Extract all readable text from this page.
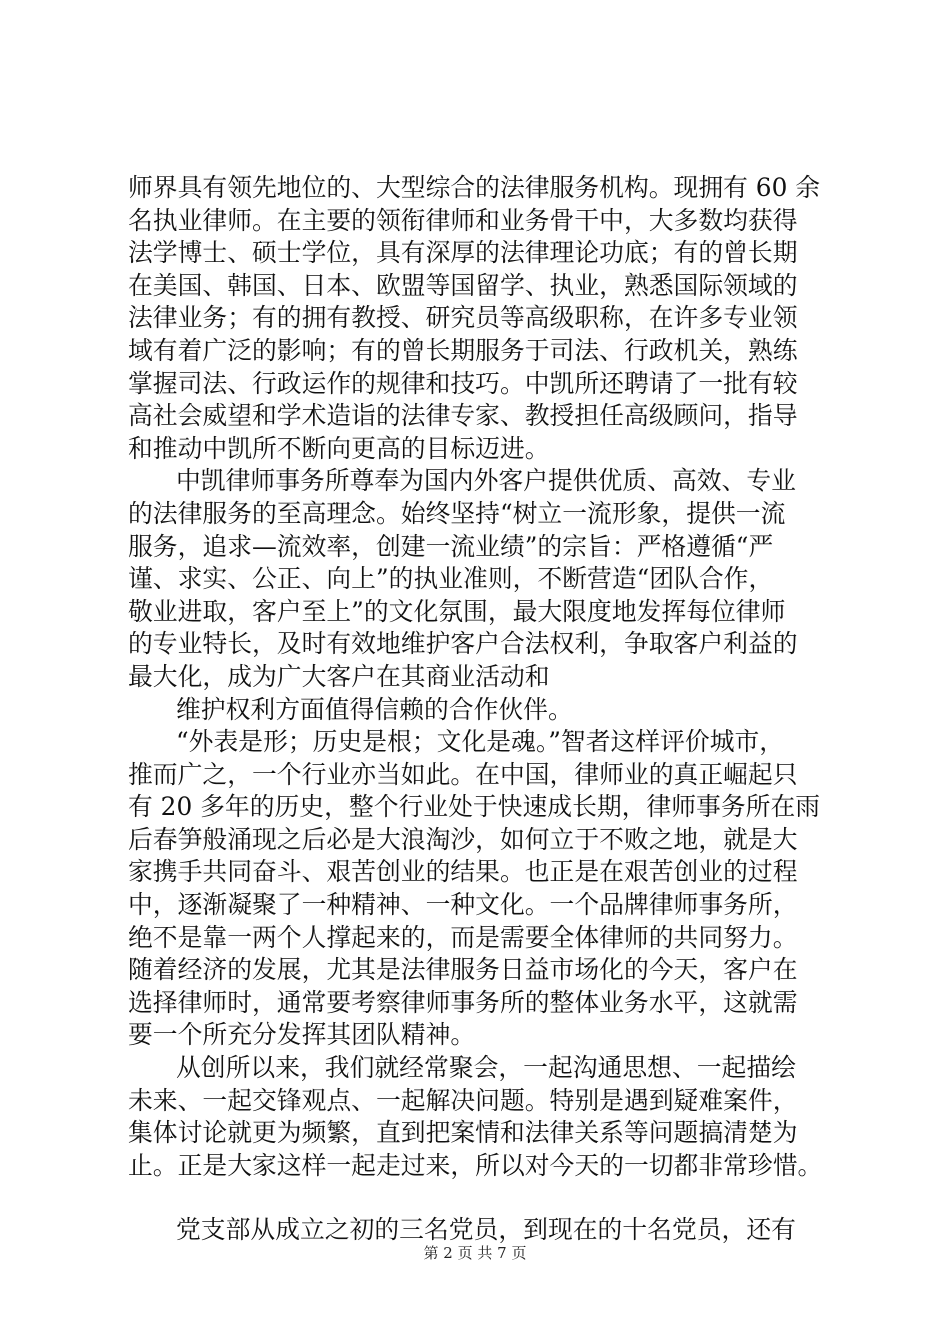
师界具有领先地位的、大型综合的法律服务机构。现拥有 60 余
名执业律师。在主要的领衔律师和业务骨干中，大多数均获得
法学博士、硕士学位，具有深厚的法律理论功底；有的曾长期
在美国、韩国、日本、欧盟等国留学、执业，熟悉国际领域的
法律业务；有的拥有教授、研究员等高级职称，在许多专业领
域有着广泛的影响；有的曾长期服务于司法、行政机关，熟练
掌握司法、行政运作的规律和技巧。中凯所还聘请了一批有较
高社会威望和学术造诣的法律专家、教授担任高级顾问，指导
和推动中凯所不断向更高的目标迈进。
中凯律师事务所尊奉为国内外客户提供优质、高效、专业
的法律服务的至高理念。始终坚持“树立一流形象，提供一流
服务，追求—流效率，创建一流业绩”的宗旨：严格遵循“严
谨、求实、公正、向上”的执业准则，不断营造“团队合作，
敬业进取，客户至上”的文化氛围，最大限度地发挥每位律师
的专业特长，及时有效地维护客户合法权利，争取客户利益的
最大化，成为广大客户在其商业活动和
维护权利方面值得信赖的合作伙伴。
“外表是形；历史是根；文化是魂。”智者这样评价城市，
推而广之，一个行业亦当如此。在中国，律师业的真正崛起只
有 20 多年的历史，整个行业处于快速成长期，律师事务所在雨
后春笋般涌现之后必是大浪淘沙，如何立于不败之地，就是大
家携手共同奋斗、艰苦创业的结果。也正是在艰苦创业的过程
中，逐渐凝聚了一种精神、一种文化。一个品牌律师事务所，
绝不是靠一两个人撑起来的，而是需要全体律师的共同努力。
随着经济的发展，尤其是法律服务日益市场化的今天，客户在
选择律师时，通常要考察律师事务所的整体业务水平，这就需
要一个所充分发挥其团队精神。
从创所以来，我们就经常聚会，一起沟通思想、一起描绘
未来、一起交锋观点、一起解决问题。特别是遇到疑难案件，
集体讨论就更为频繁，直到把案情和法律关系等问题搞清楚为
止。正是大家这样一起走过来，所以对今天的一切都非常珍惜。
党支部从成立之初的三名党员，到现在的十名党员，还有
第 2 页 共 7 页
